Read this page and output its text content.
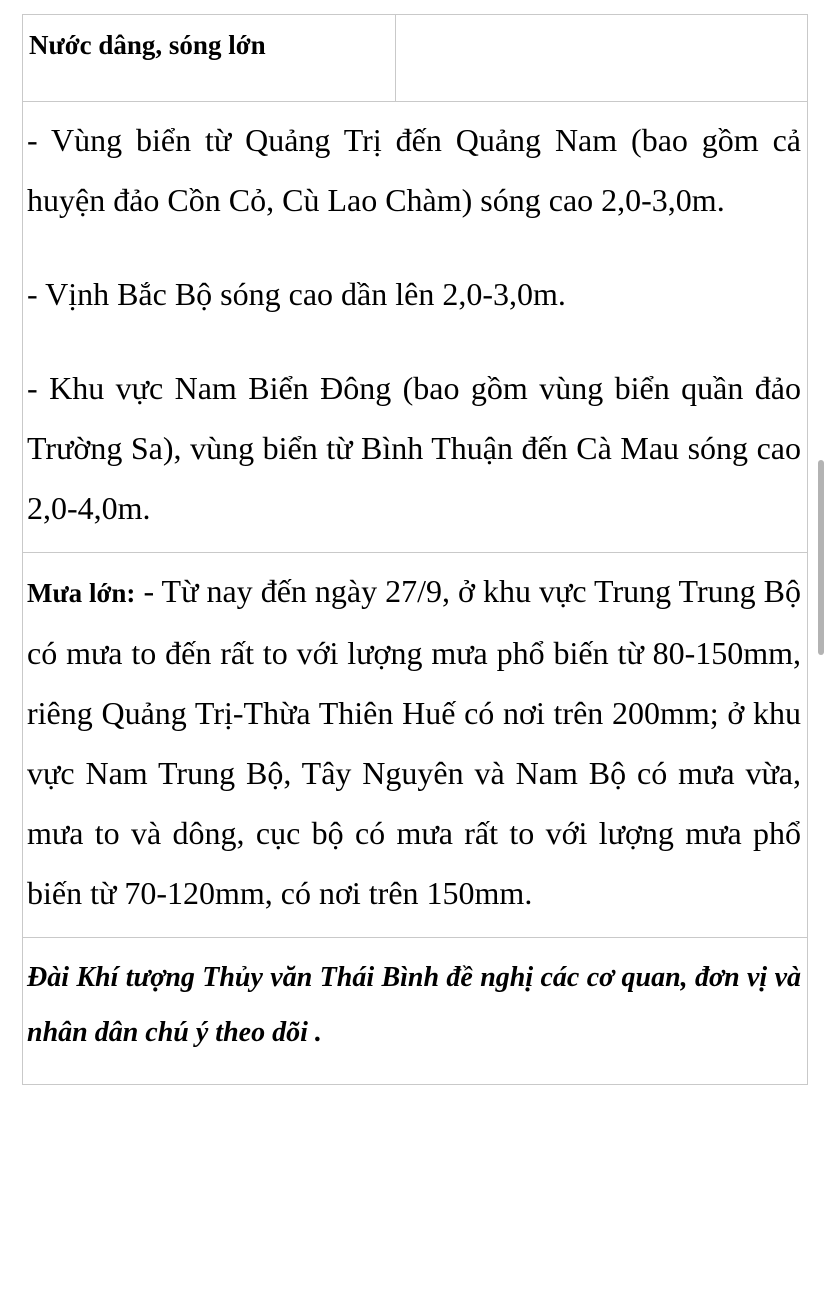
Nước dâng, sóng lớn

- Vùng biển từ Quảng Trị đến Quảng Nam (bao gồm cả huyện đảo Cồn Cỏ, Cù Lao Chàm) sóng cao 2,0-3,0m.

- Vịnh Bắc Bộ sóng cao dần lên 2,0-3,0m.

- Khu vực Nam Biển Đông (bao gồm vùng biển quần đảo Trường Sa), vùng biển từ Bình Thuận đến Cà Mau sóng cao 2,0-4,0m.

Mưa lớn: - Từ nay đến ngày 27/9, ở khu vực Trung Trung Bộ có mưa to đến rất to với lượng mưa phổ biến từ 80-150mm, riêng Quảng Trị-Thừa Thiên Huế có nơi trên 200mm; ở khu vực Nam Trung Bộ, Tây Nguyên và Nam Bộ có mưa vừa, mưa to và dông, cục bộ có mưa rất to với lượng mưa phổ biến từ 70-120mm, có nơi trên 150mm.

Đài Khí tượng Thủy văn Thái Bình đề nghị các cơ quan, đơn vị và nhân dân chú ý theo dõi .
